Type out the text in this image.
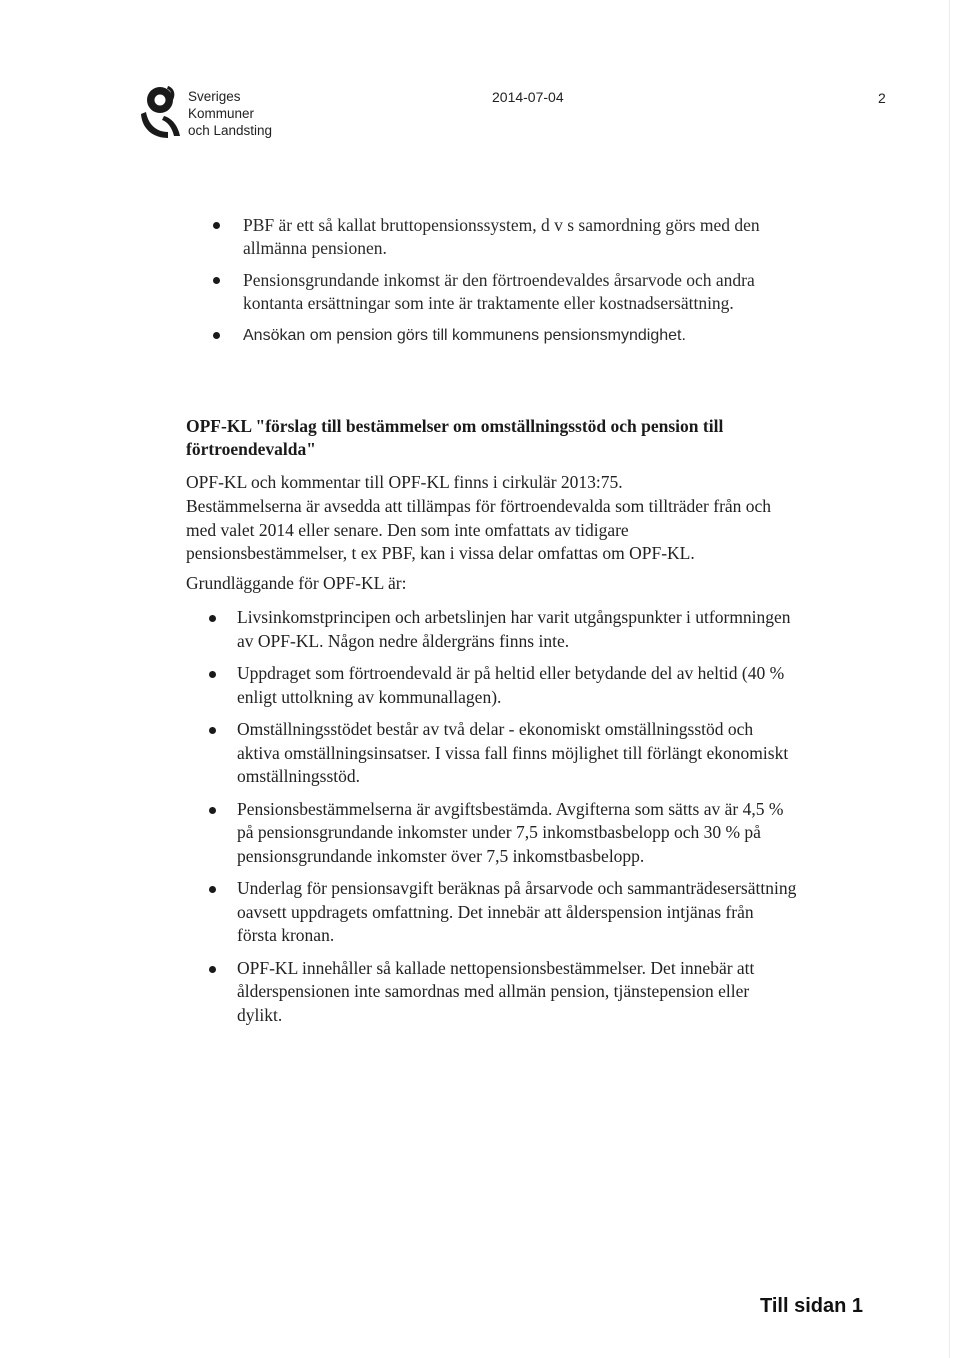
Sveriges
Kommuner
och Landsting
2014-07-04	2
PBF är ett så kallat bruttopensionssystem, d v s samordning görs med den allmänna pensionen.
Pensionsgrundande inkomst är den förtroendevaldes årsarvode och andra kontanta ersättningar som inte är traktamente eller kostnadsersättning.
Ansökan om pension görs till kommunens pensionsmyndighet.
OPF-KL "förslag till bestämmelser om omställningsstöd och pension till förtroendevalda"
OPF-KL och kommentar till OPF-KL finns i cirkulär 2013:75.
Bestämmelserna är avsedda att tillämpas för förtroendevalda som tillträder från och med valet 2014 eller senare. Den som inte omfattats av tidigare pensionsbestämmelser, t ex PBF, kan i vissa delar omfattas om OPF-KL.
Grundläggande för OPF-KL är:
Livsinkomstprincipen och arbetslinjen har varit utgångspunkter i utformningen av OPF-KL. Någon nedre åldergräns finns inte.
Uppdraget som förtroendevald är på heltid eller betydande del av heltid (40 % enligt uttolkning av kommunallagen).
Omställningsstödet består av två delar - ekonomiskt omställningsstöd och aktiva omställningsinsatser. I vissa fall finns möjlighet till förlängt ekonomiskt omställningsstöd.
Pensionsbestämmelserna är avgiftsbestämda. Avgifterna som sätts av är 4,5 % på pensionsgrundande inkomster under 7,5 inkomstbasbelopp och 30 % på pensionsgrundande inkomster över 7,5 inkomstbasbelopp.
Underlag för pensionsavgift beräknas på årsarvode och sammanträdesersättning oavsett uppdragets omfattning. Det innebär att ålderspension intjänas från första kronan.
OPF-KL innehåller så kallade nettopensionsbestämmelser. Det innebär att ålderspensionen inte samordnas med allmän pension, tjänstepension eller dylikt.
Till sidan 1
